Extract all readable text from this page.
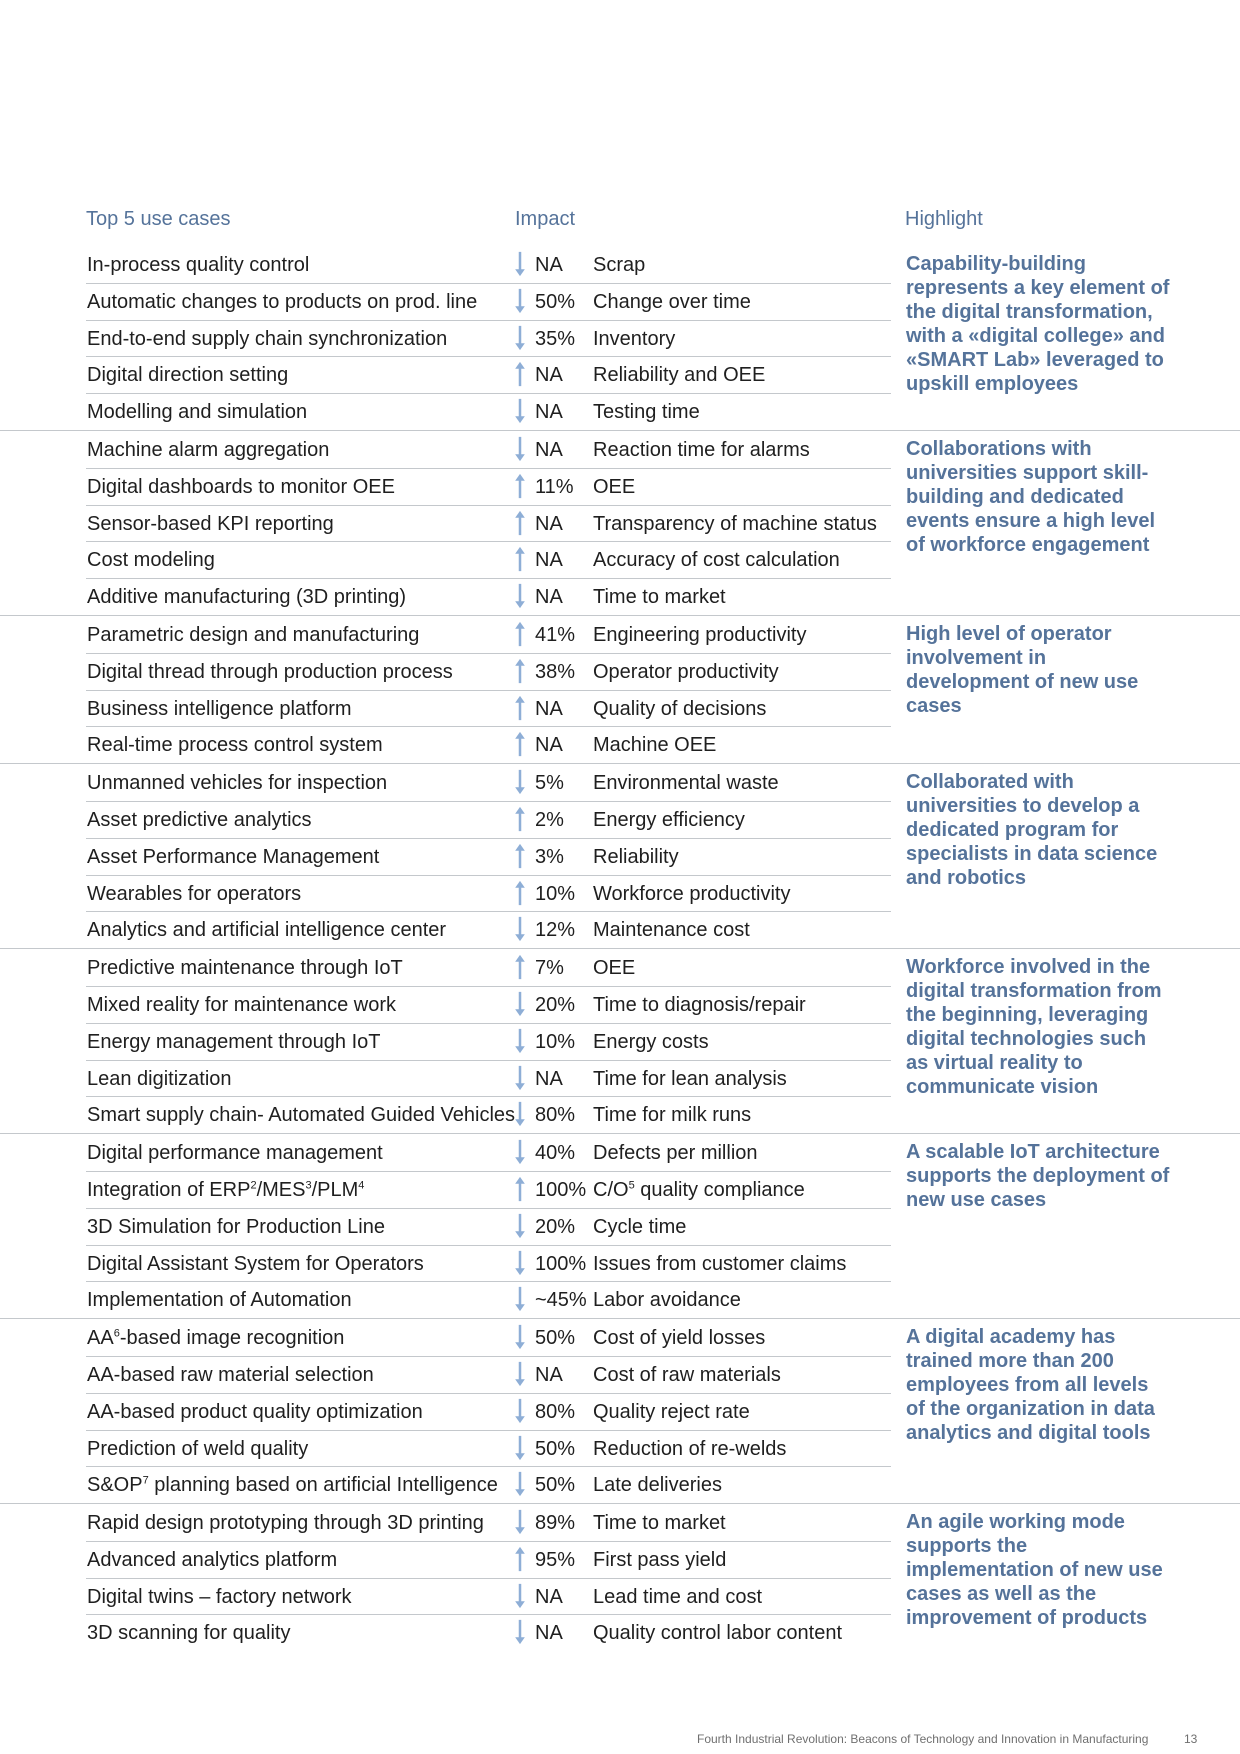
Top 5 use cases	Impact	Highlight
In-process quality control	NA Scrap
Automatic changes to products on prod. line	50% Change over time
End-to-end supply chain synchronization	35% Inventory
Digital direction setting	NA Reliability and OEE
Modelling and simulation	NA Testing time
Capability-building represents a key element of the digital transformation, with a «digital college» and «SMART Lab» leveraged to upskill employees
Machine alarm aggregation	NA Reaction time for alarms
Digital dashboards to monitor OEE	11% OEE
Sensor-based KPI reporting	NA Transparency of machine status
Cost modeling	NA Accuracy of cost calculation
Additive manufacturing (3D printing)	NA Time to market
Collaborations with universities support skill-building and dedicated events ensure a high level of workforce engagement
Parametric design and manufacturing	41% Engineering productivity
Digital thread through production process	38% Operator productivity
Business intelligence platform	NA Quality of decisions
Real-time process control system	NA Machine OEE
High level of operator involvement in development of new use cases
Unmanned vehicles for inspection	5% Environmental waste
Asset predictive analytics	2% Energy efficiency
Asset Performance Management	3% Reliability
Wearables for operators	10% Workforce productivity
Analytics and artificial intelligence center	12% Maintenance cost
Collaborated with universities to develop a dedicated program for specialists in data science and robotics
Predictive maintenance through IoT	7% OEE
Mixed reality for maintenance work	20% Time to diagnosis/repair
Energy management through IoT	10% Energy costs
Lean digitization	NA Time for lean analysis
Smart supply chain- Automated Guided Vehicles 80% Time for milk runs
Workforce involved in the digital transformation from the beginning, leveraging digital technologies such as virtual reality to communicate vision
Digital performance management	40% Defects per million
Integration of ERP$^2$/MES$^3$/PLM$^4$	100% $C/O^5$ quality compliance
3D Simulation for Production Line	20% Cycle time
Digital Assistant System for Operators	100% Issues from customer claims
Implementation of Automation	~45% Labor avoidance
A scalable IoT architecture supports the deployment of new use cases
$AA^6$-based image recognition	50% Cost of yield losses
AA-based raw material selection	NA Cost of raw materials
AA-based product quality optimization	80% Quality reject rate
Prediction of weld quality	50% Reduction of re-welds
$S\&OP^7$ planning based on artificial Intelligence 50% Late deliveries
A digital academy has trained more than 200 employees from all levels of the organization in data analytics and digital tools
Rapid design prototyping through 3D printing	89% Time to market
Advanced analytics platform	95% First pass yield
Digital twins – factory network	NA Lead time and cost
3D scanning for quality	NA Quality control labor content
An agile working mode supports the implementation of new use cases as well as the improvement of products
Fourth Industrial Revolution: Beacons of Technology and Innovation in Manufacturing	13
